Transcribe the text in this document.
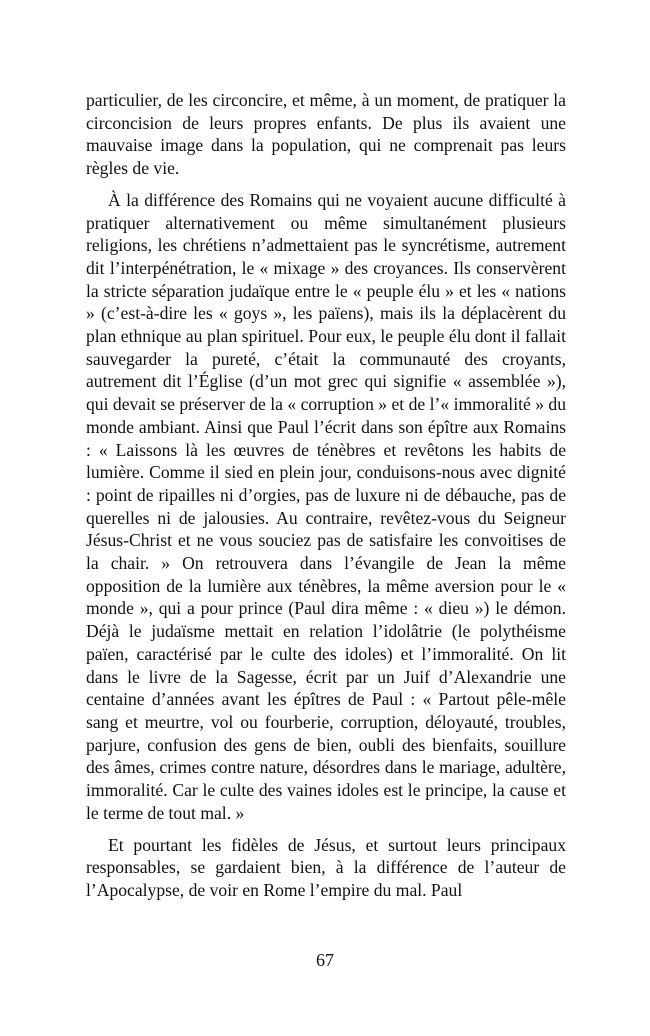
particulier, de les circoncire, et même, à un moment, de pratiquer la circoncision de leurs propres enfants. De plus ils avaient une mauvaise image dans la population, qui ne comprenait pas leurs règles de vie.

À la différence des Romains qui ne voyaient aucune difficulté à pratiquer alternativement ou même simultanément plusieurs religions, les chrétiens n’admettaient pas le syncrétisme, autrement dit l’interpénétration, le « mixage » des croyances. Ils conservèrent la stricte séparation judaïque entre le « peuple élu » et les « nations » (c’est-à-dire les « goys », les païens), mais ils la déplacèrent du plan ethnique au plan spirituel. Pour eux, le peuple élu dont il fallait sauvegarder la pureté, c’était la communauté des croyants, autrement dit l’Église (d’un mot grec qui signifie « assemblée »), qui devait se préserver de la « corruption » et de l’« immoralité » du monde ambiant. Ainsi que Paul l’écrit dans son épître aux Romains : « Laissons là les œuvres de ténèbres et revêtons les habits de lumière. Comme il sied en plein jour, conduisons-nous avec dignité : point de ripailles ni d’orgies, pas de luxure ni de débauche, pas de querelles ni de jalousies. Au contraire, revêtez-vous du Seigneur Jésus-Christ et ne vous souciez pas de satisfaire les convoitises de la chair. » On retrouvera dans l’évangile de Jean la même opposition de la lumière aux ténèbres, la même aversion pour le « monde », qui a pour prince (Paul dira même : « dieu ») le démon. Déjà le judaïsme mettait en relation l’idolâtrie (le polythéisme païen, caractérisé par le culte des idoles) et l’immoralité. On lit dans le livre de la Sagesse, écrit par un Juif d’Alexandrie une centaine d’années avant les épîtres de Paul : « Partout pêle-mêle sang et meurtre, vol ou fourberie, corruption, déloyauté, troubles, parjure, confusion des gens de bien, oubli des bienfaits, souillure des âmes, crimes contre nature, désordres dans le mariage, adultère, immoralité. Car le culte des vaines idoles est le principe, la cause et le terme de tout mal. »

Et pourtant les fidèles de Jésus, et surtout leurs principaux responsables, se gardaient bien, à la différence de l’auteur de l’Apocalypse, de voir en Rome l’empire du mal. Paul

67
